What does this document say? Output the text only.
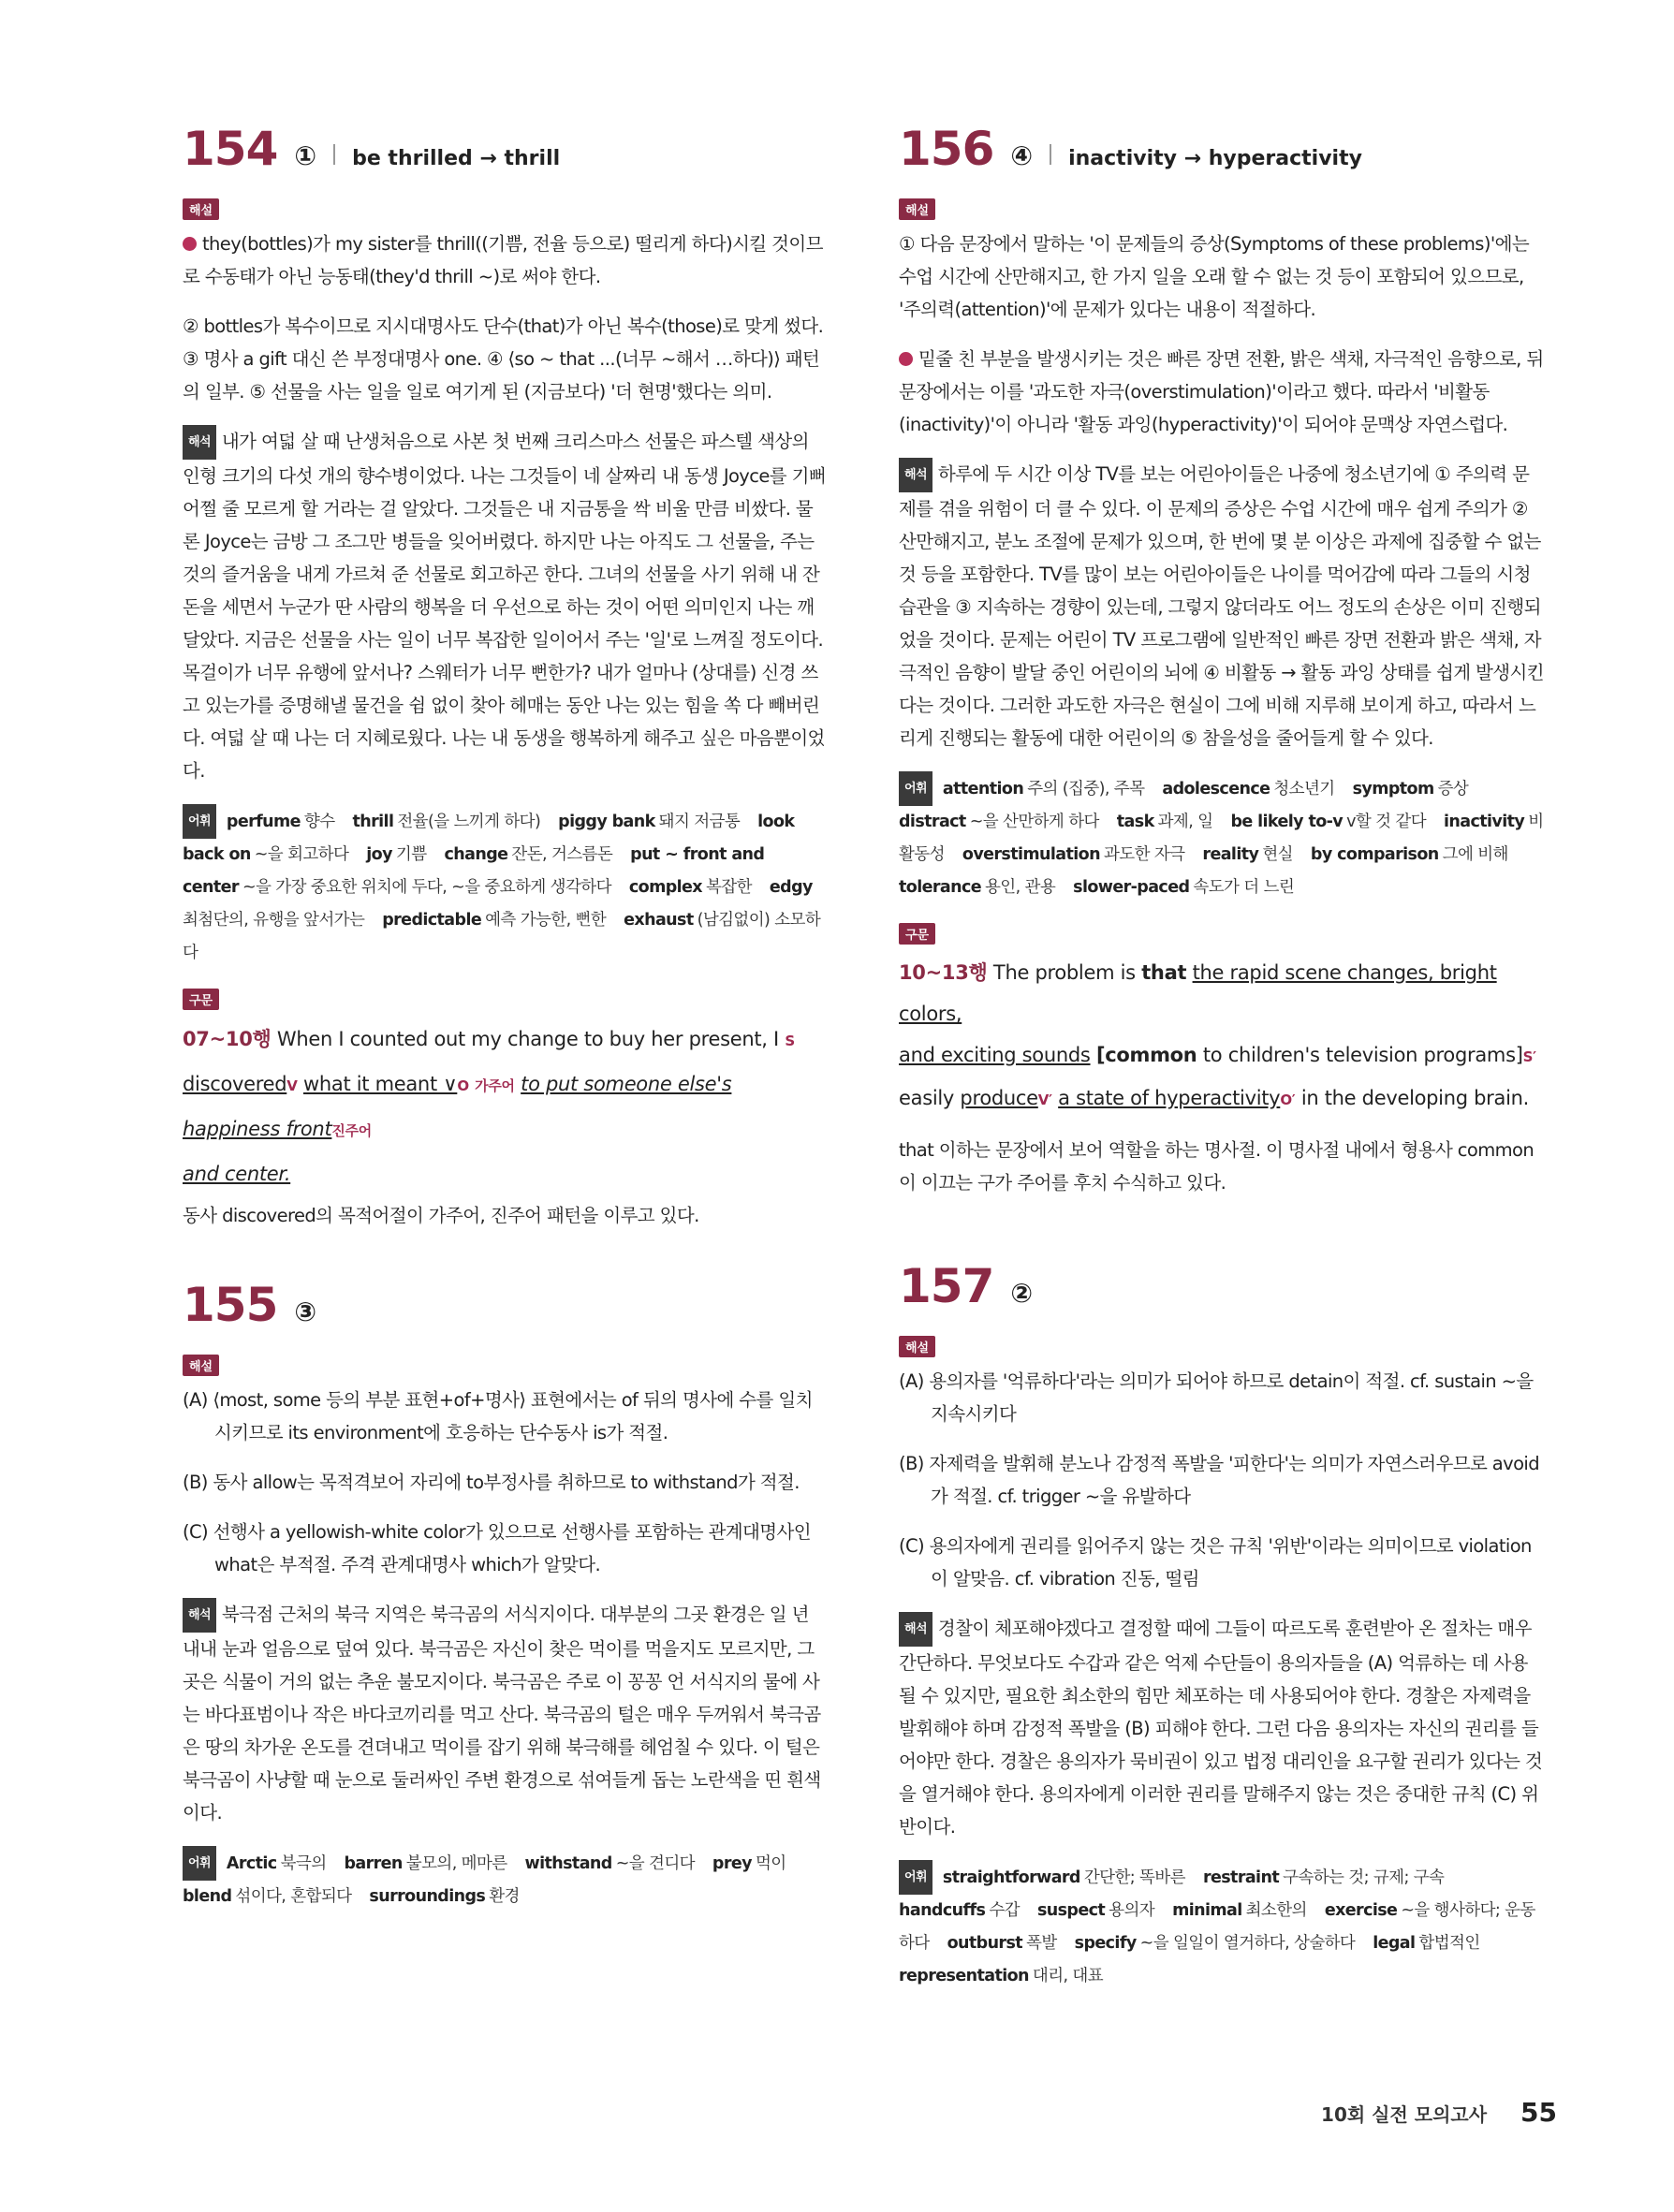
154 ① be thrilled → thrill
해설

they(bottles)가 my sister를 thrill((기쁨, 전율 등으로) 떨리게 하다)시킬 것이므로 수동태가 아닌 능동태(they'd thrill ~)로 써야 한다.

② bottles가 복수이므로 지시대명사도 단수(that)가 아닌 복수(those)로 맞게 썼다. ③ 명사 a gift 대신 쓴 부정대명사 one. ④ ⟨so ~ that ...(너무 ~해서 …하다)⟩ 패턴의 일부. ⑤ 선물을 사는 일을 일로 여기게 된 (지금보다) '더 현명'했다는 의미.

해석 내가 여덟 살 때 난생처음으로 사본 첫 번째 크리스마스 선물은 파스텔 색상의 인형 크기의 다섯 개의 향수병이었다. 나는 그것들이 네 살짜리 내 동생 Joyce를 기뻐 어쩔 줄 모르게 할 거라는 걸 알았다. 그것들은 내 지금통을 싹 비울 만큼 비쌌다. 물론 Joyce는 금방 그 조그만 병들을 잊어버렸다. 하지만 나는 아직도 그 선물을, 주는 것의 즐거움을 내게 가르쳐 준 선물로 회고하곤 한다. 그녀의 선물을 사기 위해 내 잔돈을 세면서 누군가 딴 사람의 행복을 더 우선으로 하는 것이 어떤 의미인지 나는 깨달았다. 지금은 선물을 사는 일이 너무 복잡한 일이어서 주는 '일'로 느껴질 정도이다. 목걸이가 너무 유행에 앞서나? 스웨터가 너무 뻔한가? 내가 얼마나 (상대를) 신경 쓰고 있는가를 증명해낼 물건을 쉼 없이 찾아 헤매는 동안 나는 있는 힘을 쏙 다 빼버린다. 여덟 살 때 나는 더 지혜로웠다. 나는 내 동생을 행복하게 해주고 싶은 마음뿐이었다.

어휘 perfume 향수 thrill 전율(을 느끼게 하다) piggy bank 돼지 저금통 look back on ~을 회고하다 joy 기쁨 change 잔돈, 거스름돈 put ~ front and center ~을 가장 중요한 위치에 두다, ~을 중요하게 생각하다 complex 복잡한 edgy최첨단의, 유행을 앞서가는 predictable 예측 가능한, 뻔한 exhaust (남김없이) 소모하다
구문
07~10행 When I counted out my change to buy her present, I S
discoveredV what it meant ∨O 가주어 to put someone else's happiness front진주어
and center.

동사 discovered의 목적어절이 가주어, 진주어 패턴을 이루고 있다.

155 ③
해설

(A) ⟨most, some 등의 부분 표현+of+명사⟩ 표현에서는 of 뒤의 명사에 수를 일치시키므로 its environment에 호응하는 단수동사 is가 적절.

(B) 동사 allow는 목적격보어 자리에 to부정사를 취하므로 to withstand가 적절.

(C) 선행사 a yellowish-white color가 있으므로 선행사를 포함하는 관계대명사인 what은 부적절. 주격 관계대명사 which가 알맞다.

해석 북극점 근처의 북극 지역은 북극곰의 서식지이다. 대부분의 그곳 환경은 일 년 내내 눈과 얼음으로 덮여 있다. 북극곰은 자신이 찾은 먹이를 먹을지도 모르지만, 그곳은 식물이 거의 없는 추운 불모지이다. 북극곰은 주로 이 꽁꽁 언 서식지의 물에 사는 바다표범이나 작은 바다코끼리를 먹고 산다. 북극곰의 털은 매우 두꺼워서 북극곰은 땅의 차가운 온도를 견뎌내고 먹이를 잡기 위해 북극해를 헤엄칠 수 있다. 이 털은 북극곰이 사냥할 때 눈으로 둘러싸인 주변 환경으로 섞여들게 돕는 노란색을 띤 흰색이다.

어휘 Arctic 북극의 barren 불모의, 메마른 withstand ~을 견디다 prey 먹이 blend 섞이다, 혼합되다 surroundings 환경
156 ④ inactivity → hyperactivity
해설

① 다음 문장에서 말하는 '이 문제들의 증상(Symptoms of these problems)'에는 수업 시간에 산만해지고, 한 가지 일을 오래 할 수 없는 것 등이 포함되어 있으므로, '주의력(attention)'에 문제가 있다는 내용이 적절하다.

밑줄 친 부분을 발생시키는 것은 빠른 장면 전환, 밝은 색채, 자극적인 음향으로, 뒤 문장에서는 이를 '과도한 자극(overstimulation)'이라고 했다. 따라서 '비활동(inactivity)'이 아니라 '활동 과잉(hyperactivity)'이 되어야 문맥상 자연스럽다.

해석 하루에 두 시간 이상 TV를 보는 어린아이들은 나중에 청소년기에 ① 주의력 문제를 겪을 위험이 더 클 수 있다. 이 문제의 증상은 수업 시간에 매우 쉽게 주의가 ② 산만해지고, 분노 조절에 문제가 있으며, 한 번에 몇 분 이상은 과제에 집중할 수 없는 것 등을 포함한다. TV를 많이 보는 어린아이들은 나이를 먹어감에 따라 그들의 시청 습관을 ③ 지속하는 경향이 있는데, 그렇지 않더라도 어느 정도의 손상은 이미 진행되었을 것이다. 문제는 어린이 TV 프로그램에 일반적인 빠른 장면 전환과 밝은 색채, 자극적인 음향이 발달 중인 어린이의 뇌에 ④ 비활동 → 활동 과잉 상태를 쉽게 발생시킨다는 것이다. 그러한 과도한 자극은 현실이 그에 비해 지루해 보이게 하고, 따라서 느리게 진행되는 활동에 대한 어린이의 ⑤ 참을성을 줄어들게 할 수 있다.

어휘 attention 주의 (집중), 주목 adolescence 청소년기 symptom 증상 distract ~을 산만하게 하다 task 과제, 일 be likely to-v v할 것 같다 inactivity 비활동성 overstimulation 과도한 자극 reality 현실 by comparison 그에 비해 tolerance 용인, 관용 slower-paced 속도가 더 느린
구문
10~13행 The problem is that the rapid scene changes, bright colors,
and exciting sounds [common to children's television programs]S′
easily produceV′ a state of hyperactivityO′ in the developing brain.

that 이하는 문장에서 보어 역할을 하는 명사절. 이 명사절 내에서 형용사 common이 이끄는 구가 주어를 후치 수식하고 있다.

157 ②
해설

(A) 용의자를 '억류하다'라는 의미가 되어야 하므로 detain이 적절. cf. sustain ~을 지속시키다

(B) 자제력을 발휘해 분노나 감정적 폭발을 '피한다'는 의미가 자연스러우므로 avoid가 적절. cf. trigger ~을 유발하다

(C) 용의자에게 권리를 읽어주지 않는 것은 규칙 '위반'이라는 의미이므로 violation이 알맞음. cf. vibration 진동, 떨림

해석 경찰이 체포해야겠다고 결정할 때에 그들이 따르도록 훈련받아 온 절차는 매우 간단하다. 무엇보다도 수갑과 같은 억제 수단들이 용의자들을 (A) 억류하는 데 사용될 수 있지만, 필요한 최소한의 힘만 체포하는 데 사용되어야 한다. 경찰은 자제력을 발휘해야 하며 감정적 폭발을 (B) 피해야 한다. 그런 다음 용의자는 자신의 권리를 들어야만 한다. 경찰은 용의자가 묵비권이 있고 법정 대리인을 요구할 권리가 있다는 것을 열거해야 한다. 용의자에게 이러한 권리를 말해주지 않는 것은 중대한 규칙 (C) 위반이다.

어휘 straightforward 간단한; 똑바른 restraint 구속하는 것; 규제; 구속 handcuffs 수갑 suspect 용의자 minimal 최소한의 exercise ~을 행사하다; 운동하다 outburst 폭발 specify ~을 일일이 열거하다, 상술하다 legal 합법적인 representation 대리, 대표
10회 실전 모의고사 55
